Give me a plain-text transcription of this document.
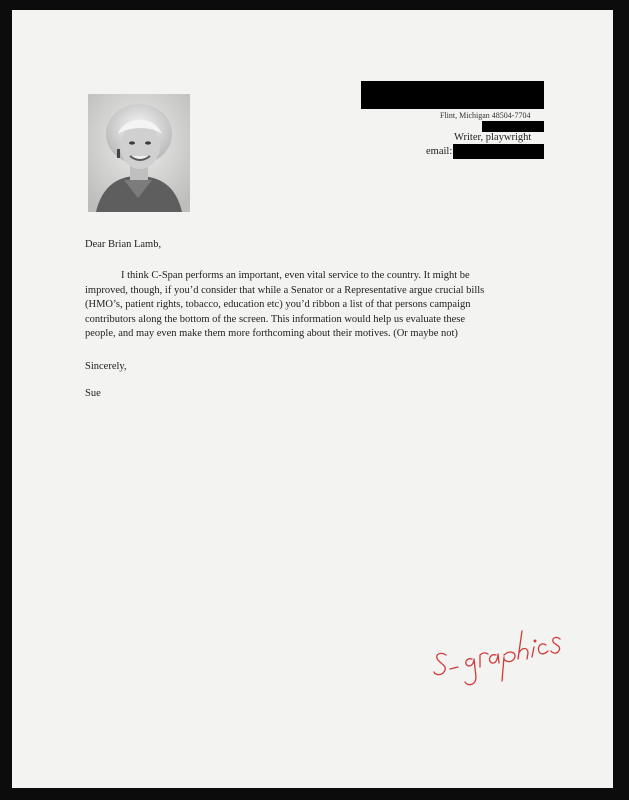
Flint, Michigan 48504-7704
Writer, playwright
email:
Dear Brian Lamb,
I think C-Span performs an important, even vital service to the country. It might be
improved, though, if you’d consider that while a Senator or a Representative argue crucial bills
(HMO’s, patient rights, tobacco, education etc) you’d ribbon a list of that persons campaign
contributors along the bottom of the screen. This information would help us evaluate these
people, and may even make them more forthcoming about their motives. (Or maybe not)
Sincerely,
Sue
